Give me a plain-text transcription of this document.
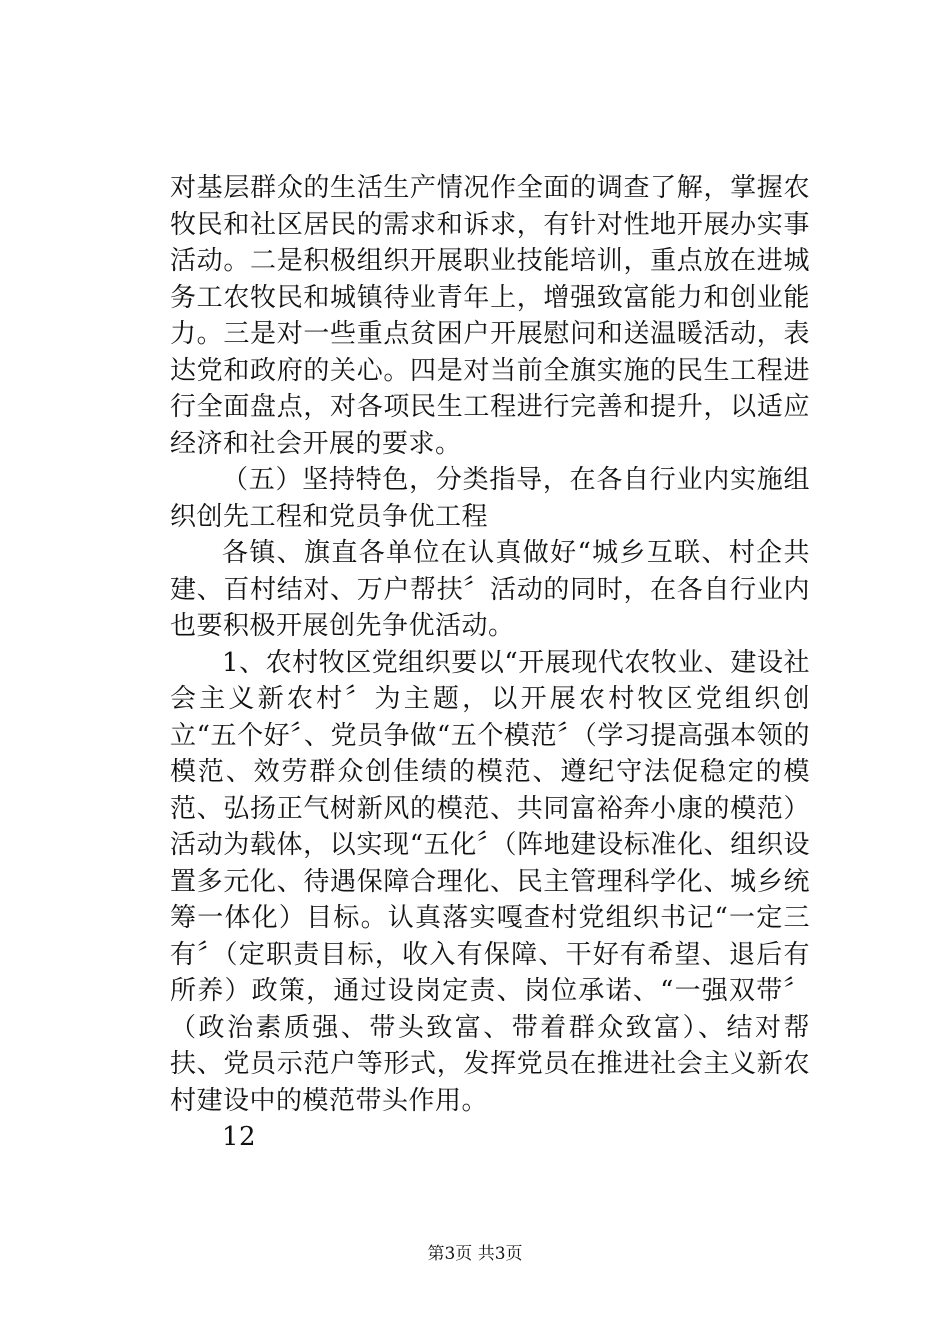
对基层群众的生活生产情况作全面的调查了解，掌握农牧民和社区居民的需求和诉求，有针对性地开展办实事活动。二是积极组织开展职业技能培训，重点放在进城务工农牧民和城镇待业青年上，增强致富能力和创业能力。三是对一些重点贫困户开展慰问和送温暖活动，表达党和政府的关心。四是对当前全旗实施的民生工程进行全面盘点，对各项民生工程进行完善和提升，以适应经济和社会开展的要求。

（五）坚持特色，分类指导，在各自行业内实施组织创先工程和党员争优工程

各镇、旗直各单位在认真做好“城乡互联、村企共建、百村结对、万户帮扶〞活动的同时，在各自行业内也要积极开展创先争优活动。

1、农村牧区党组织要以“开展现代农牧业、建设社会主义新农村〞为主题，以开展农村牧区党组织创立“五个好〞、党员争做“五个模范〞（学习提高强本领的模范、效劳群众创佳绩的模范、遵纪守法促稳定的模范、弘扬正气树新风的模范、共同富裕奔小康的模范）活动为载体，以实现“五化〞（阵地建设标准化、组织设置多元化、待遇保障合理化、民主管理科学化、城乡统筹一体化）目标。认真落实嘎查村党组织书记“一定三有〞（定职责目标，收入有保障、干好有希望、退后有所养）政策，通过设岗定责、岗位承诺、“一强双带〞（政治素质强、带头致富、带着群众致富）、结对帮扶、党员示范户等形式，发挥党员在推进社会主义新农村建设中的模范带头作用。

12

第3页 共3页
